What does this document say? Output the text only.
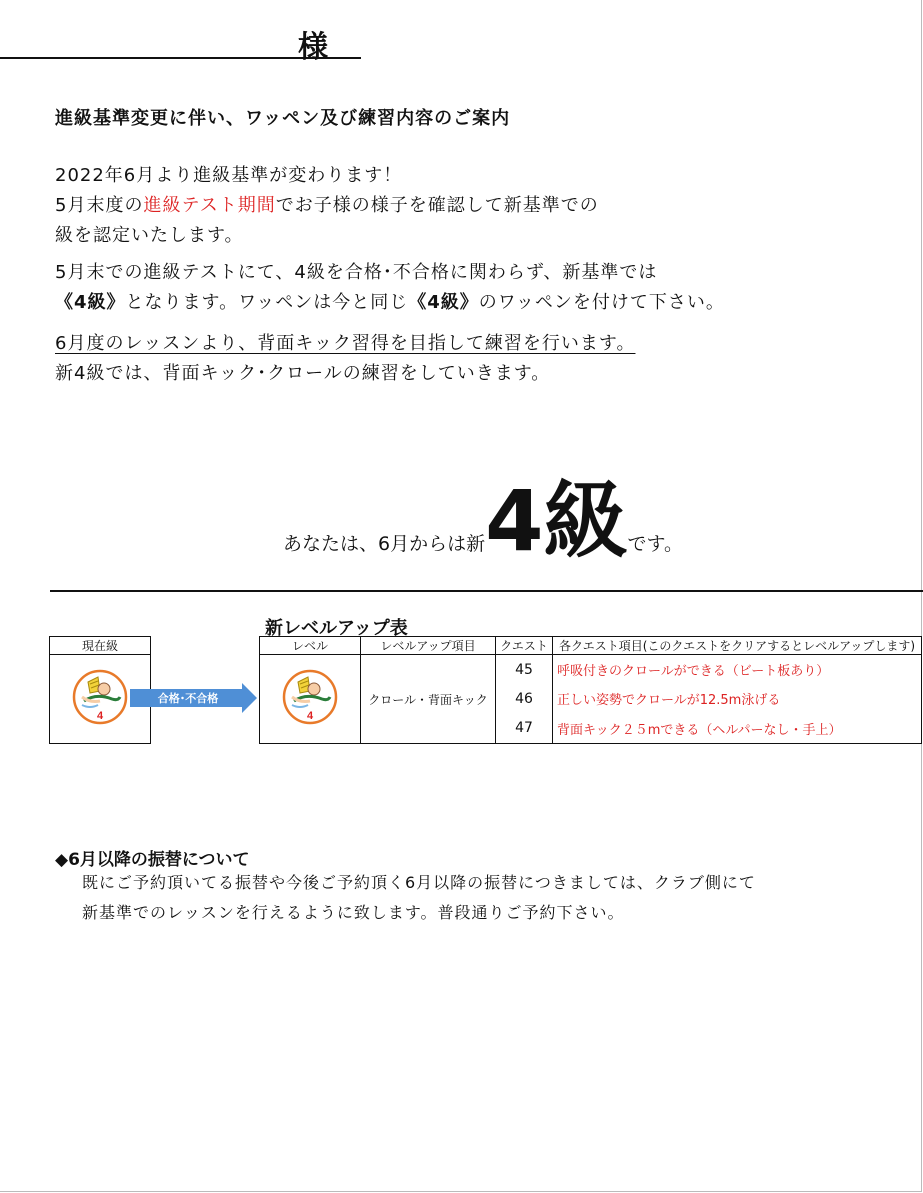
様
進級基準変更に伴い、ワッペン及び練習内容のご案内
2022年6月より進級基準が変わります！
5月末度の進級テスト期間でお子様の様子を確認して新基準での
級を認定いたします。
5月末での進級テストにて、4級を合格･不合格に関わらず、新基準では
《4級》となります。ワッペンは今と同じ《4級》のワッペンを付けて下さい。
6月度のレッスンより、背面キック習得を目指して練習を行います。
新4級では、背面キック･クロールの練習をしていきます。
あなたは、6月からは新4級です。
新レベルアップ表
現在級

4
合格･不合格
レベル	レベルアップ項目	クエスト	各クエスト項目(このクエストをクリアするとレベルアップします)

4	クロール・背面キック	45	呼吸付きのクロールができる（ビート板あり）
		46	正しい姿勢でクロールが12.5m泳げる
		47	背面キック２５mできる（ヘルパーなし・手上）
◆6月以降の振替について
既にご予約頂いてる振替や今後ご予約頂く6月以降の振替につきましては、クラブ側にて
新基準でのレッスンを行えるように致します。普段通りご予約下さい。
